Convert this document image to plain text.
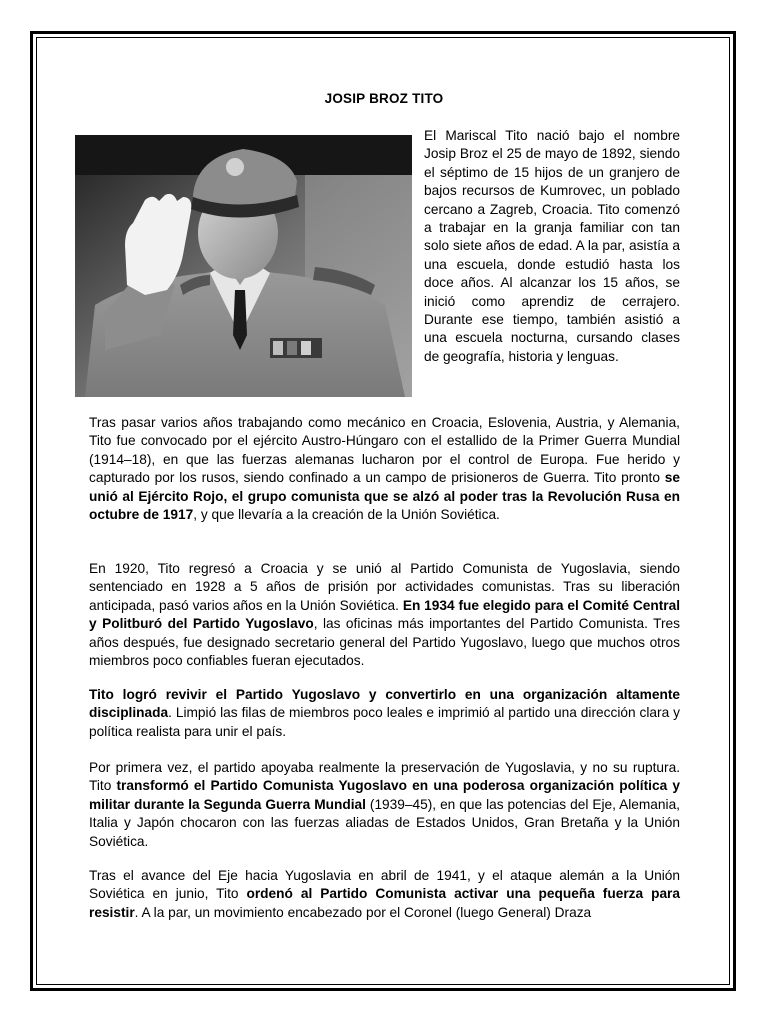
JOSIP BROZ TITO
El Mariscal Tito nació bajo el nombre Josip Broz el 25 de mayo de 1892, siendo el séptimo de 15 hijos de un granjero de bajos recursos de Kumrovec, un poblado cercano a Zagreb, Croacia. Tito comenzó a trabajar en la granja familiar con tan solo siete años de edad. A la par, asistía a una escuela, donde estudió hasta los doce años. Al alcanzar los 15 años, se inició como aprendiz de cerrajero. Durante ese tiempo, también asistió a una escuela nocturna, cursando clases de geografía, historia y lenguas.

Tras pasar varios años trabajando como mecánico en Croacia, Eslovenia, Austria, y Alemania, Tito fue convocado por el ejército Austro-Húngaro con el estallido de la Primer Guerra Mundial (1914–18), en que las fuerzas alemanas lucharon por el control de Europa. Fue herido y capturado por los rusos, siendo confinado a un campo de prisioneros de Guerra. Tito pronto se unió al Ejército Rojo, el grupo comunista que se alzó al poder tras la Revolución Rusa en octubre de 1917, y que llevaría a la creación de la Unión Soviética.

En 1920, Tito regresó a Croacia y se unió al Partido Comunista de Yugoslavia, siendo sentenciado en 1928 a 5 años de prisión por actividades comunistas. Tras su liberación anticipada, pasó varios años en la Unión Soviética. En 1934 fue elegido para el Comité Central y Politburó del Partido Yugoslavo, las oficinas más importantes del Partido Comunista. Tres años después, fue designado secretario general del Partido Yugoslavo, luego que muchos otros miembros poco confiables fueran ejecutados.

Tito logró revivir el Partido Yugoslavo y convertirlo en una organización altamente disciplinada. Limpió las filas de miembros poco leales e imprimió al partido una dirección clara y política realista para unir el país.

Por primera vez, el partido apoyaba realmente la preservación de Yugoslavia, y no su ruptura. Tito transformó el Partido Comunista Yugoslavo en una poderosa organización política y militar durante la Segunda Guerra Mundial (1939–45), en que las potencias del Eje, Alemania, Italia y Japón chocaron con las fuerzas aliadas de Estados Unidos, Gran Bretaña y la Unión Soviética.

Tras el avance del Eje hacia Yugoslavia en abril de 1941, y el ataque alemán a la Unión Soviética en junio, Tito ordenó al Partido Comunista activar una pequeña fuerza para resistir. A la par, un movimiento encabezado por el Coronel (luego General) Draza
